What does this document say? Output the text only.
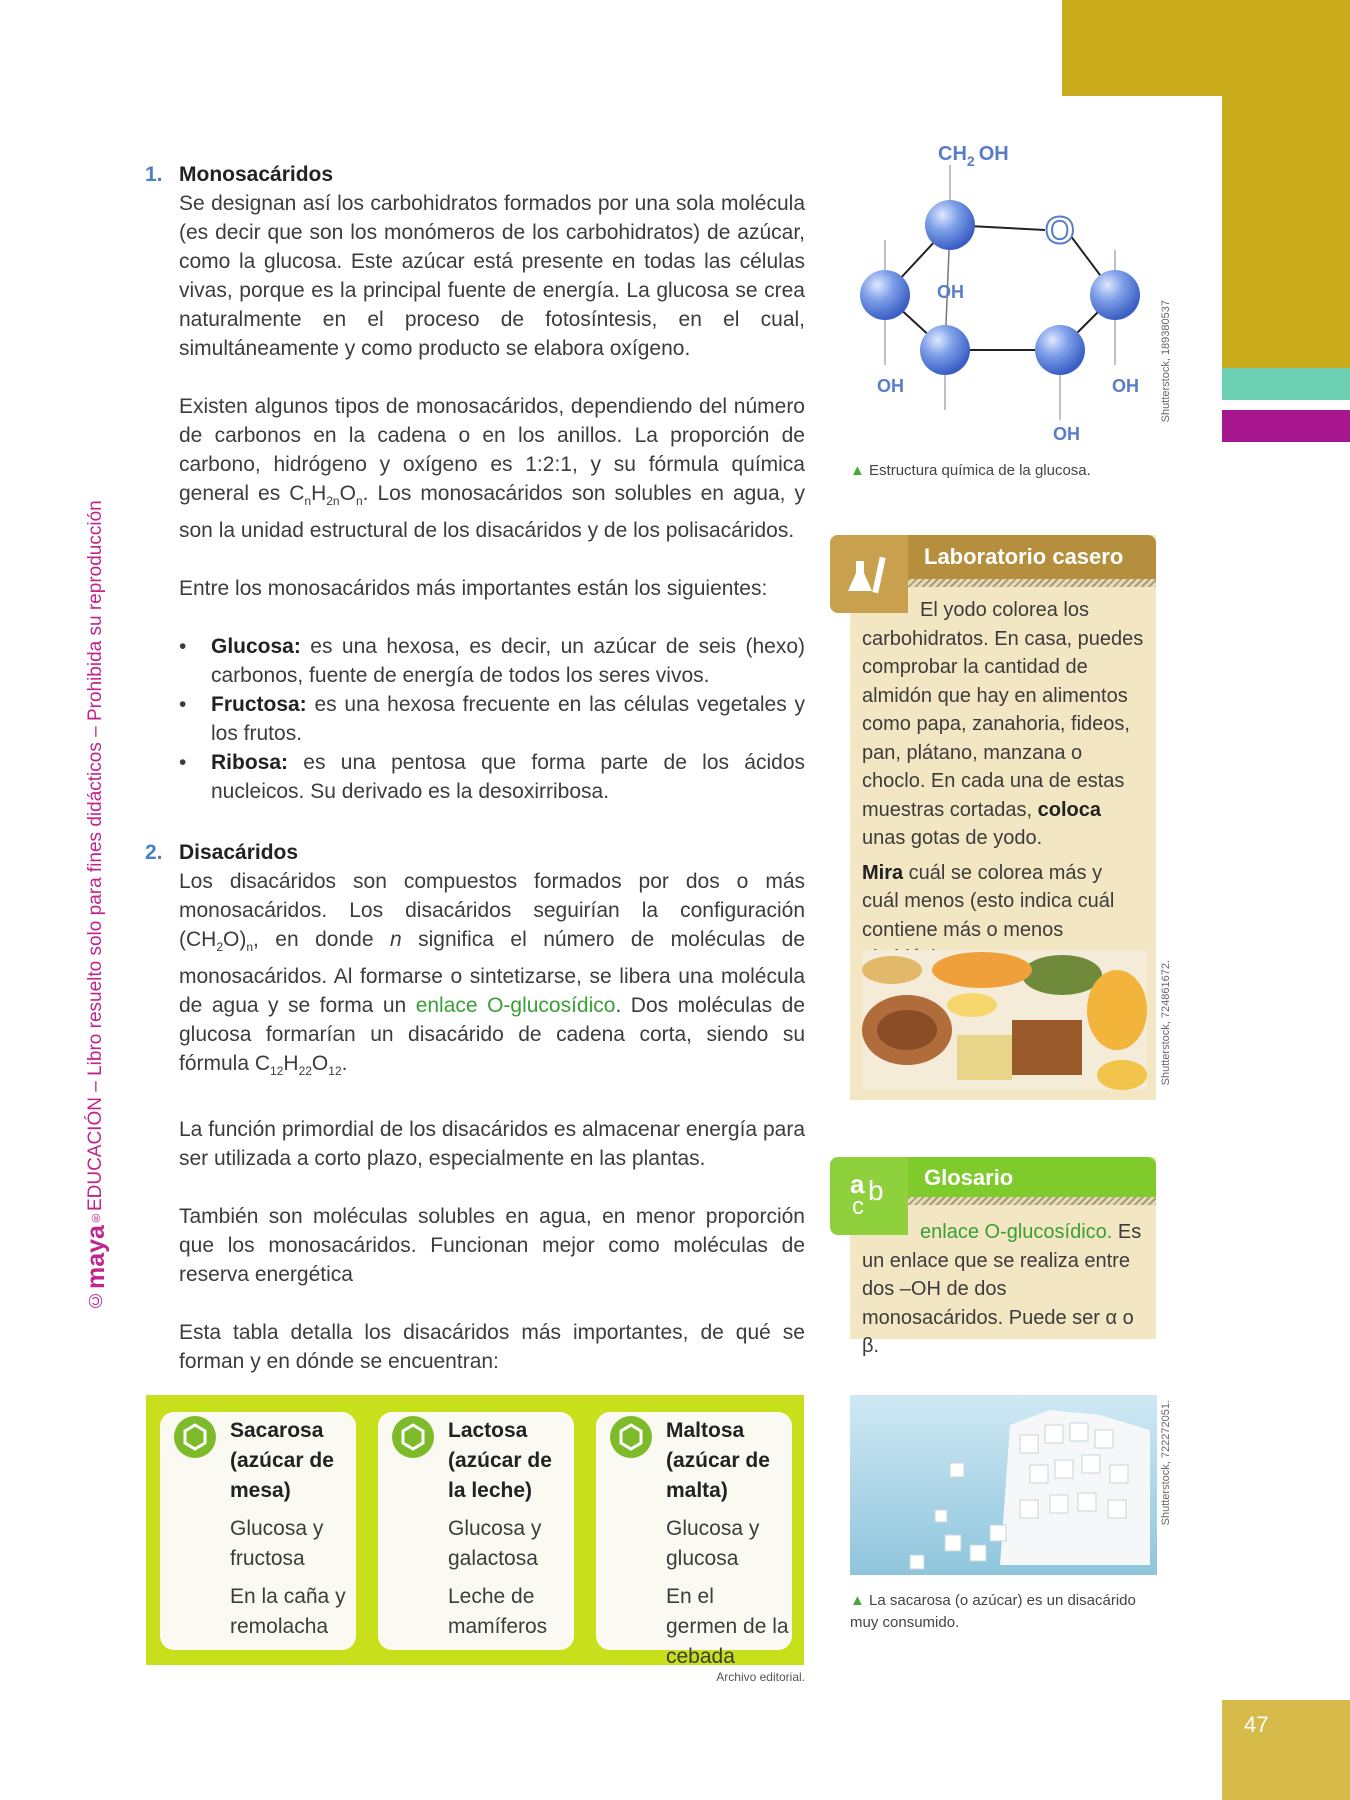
47
©maya®EDUCACIÓN – Libro resuelto solo para fines didácticos – Prohibida su reproducción
1. Monosacáridos

Se designan así los carbohidratos formados por una sola molécula (es decir que son los monómeros de los carbohidratos) de azúcar, como la glucosa. Este azúcar está presente en todas las células vivas, porque es la principal fuente de energía. La glucosa se crea naturalmente en el proceso de fotosíntesis, en el cual, simultáneamente y como producto se elabora oxígeno.

Existen algunos tipos de monosacáridos, dependiendo del número de carbonos en la cadena o en los anillos. La proporción de carbono, hidrógeno y oxígeno es 1:2:1, y su fórmula química general es $C_nH_{2n}O_n$. Los monosacáridos son solubles en agua, y son la unidad estructural de los disacáridos y de los polisacáridos.

Entre los monosacáridos más importantes están los siguientes:

• Glucosa: es una hexosa, es decir, un azúcar de seis (hexo) carbonos, fuente de energía de todos los seres vivos.
• Fructosa: es una hexosa frecuente en las células vegetales y los frutos.
• Ribosa: es una pentosa que forma parte de los ácidos nucleicos. Su derivado es la desoxirribosa.
2. Disacáridos

Los disacáridos son compuestos formados por dos o más monosacáridos. Los disacáridos seguirían la configuración $(CH_2O)_n$, en donde n significa el número de moléculas de monosacáridos. Al formarse o sintetizarse, se libera una molécula de agua y se forma un enlace O-glucosídico. Dos moléculas de glucosa formarían un disacárido de cadena corta, siendo su fórmula $C_{12}H_{22}O_{12}$.

La función primordial de los disacáridos es almacenar energía para ser utilizada a corto plazo, especialmente en las plantas.

También son moléculas solubles en agua, en menor proporción que los monosacáridos. Funcionan mejor como moléculas de reserva energética

Esta tabla detalla los disacáridos más importantes, de qué se forman y en dónde se encuentran:

Sacarosa (azúcar de mesa)
Glucosa y fructosa
En la caña y remolacha
Lactosa (azúcar de la leche)
Glucosa y galactosa
Leche de mamíferos
Maltosa (azúcar de malta)
Glucosa y glucosa
En el germen de la cebada
Archivo editorial.
$CH_2$ OH
O
OH
OH	OH
OH
Shutterstock, 189380537
▲ Estructura química de la glucosa.
Laboratorio casero

El yodo colorea los carbohidratos. En casa, puedes comprobar la cantidad de almidón que hay en alimentos como papa, zanahoria, fideos, pan, plátano, manzana o choclo. En cada una de estas muestras cortadas, coloca unas gotas de yodo.

Mira cuál se colorea más y cuál menos (esto indica cuál contiene más o menos

Shutterstock, 724861672.
Glosario
a b
c

enlace O-glucosídico. Es un enlace que se realiza entre dos –OH de dos monosacáridos. Puede ser α o β.

Shutterstock, 722272051.
▲ La sacarosa (o azúcar) es un disacárido muy consumido.
